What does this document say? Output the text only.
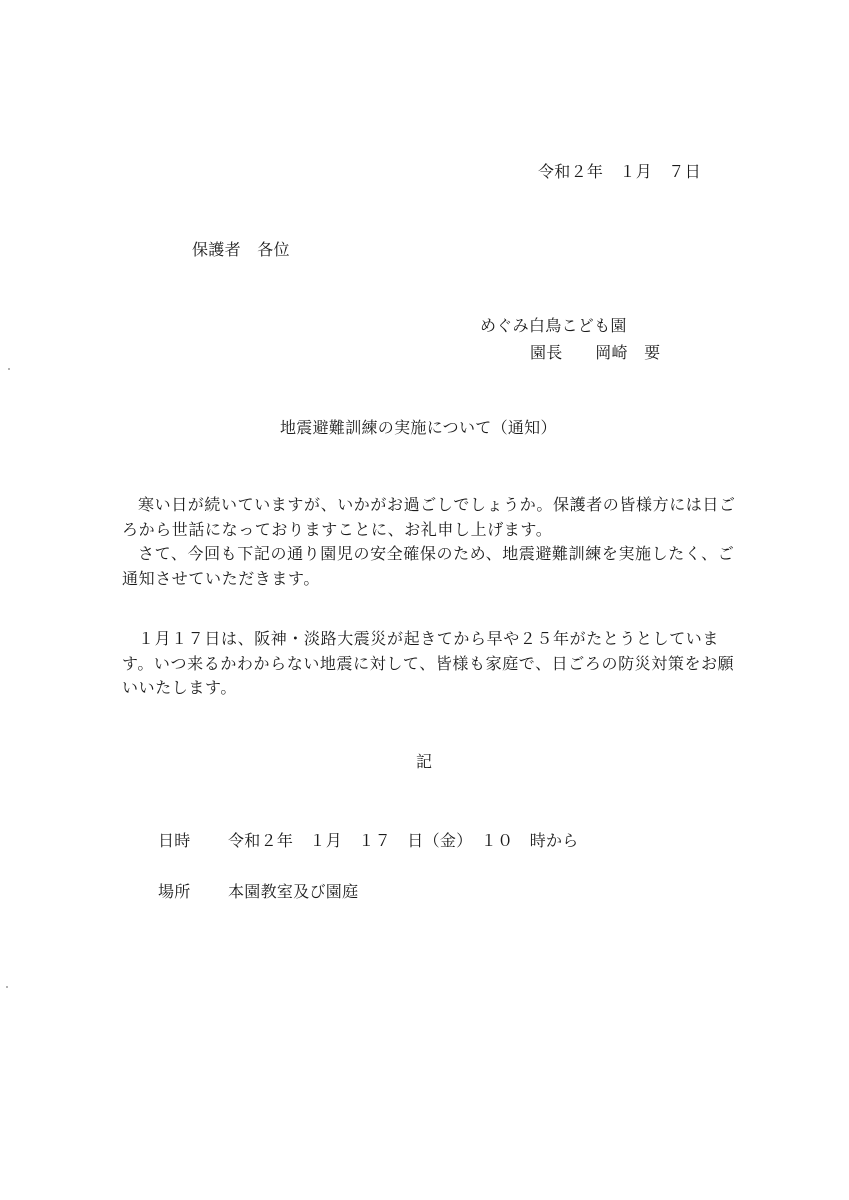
令和２年　１月　７日
保護者　各位
めぐみ白鳥こども園
園長　　岡崎　要
地震避難訓練の実施について（通知）

寒い日が続いていますが、いかがお過ごしでしょうか。保護者の皆様方には日ごろから世話になっておりますことに、お礼申し上げます。

さて、今回も下記の通り園児の安全確保のため、地震避難訓練を実施したく、ご通知させていただきます。

１月１７日は、阪神・淡路大震災が起きてから早や２５年がたとうとしています。いつ来るかわからない地震に対して、皆様も家庭で、日ごろの防災対策をお願いいたします。

記
日時 令和２年　１月　１７　日（金）　１０　時から
場所 本園教室及び園庭
